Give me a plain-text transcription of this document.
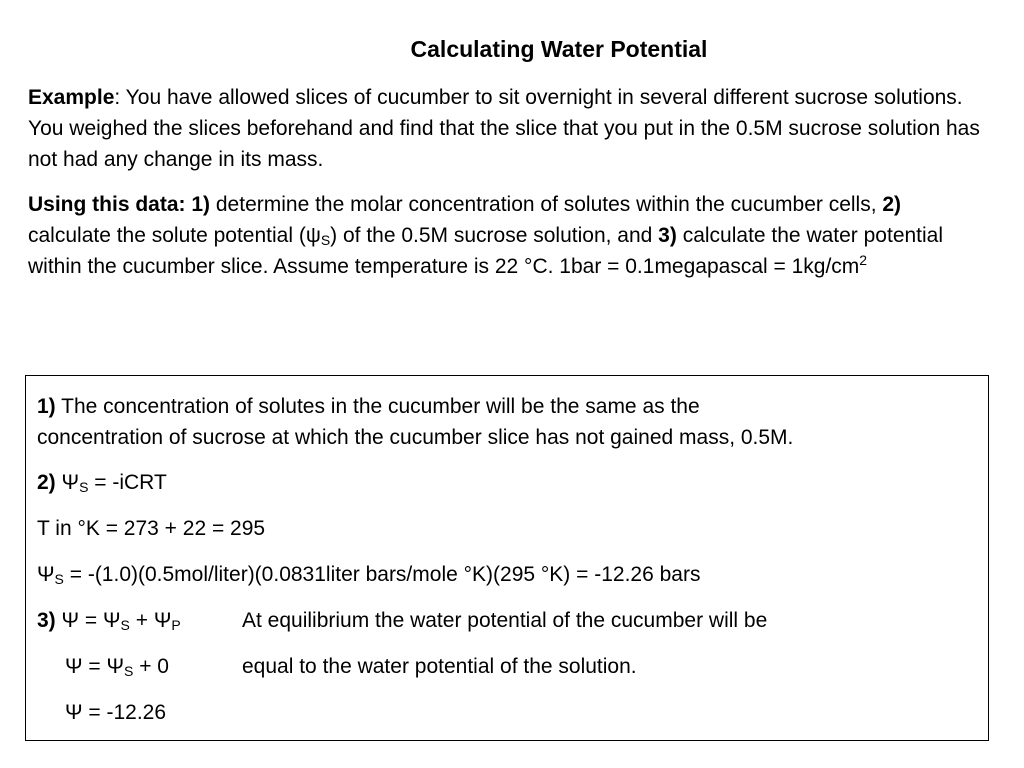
Calculating Water Potential

Example: You have allowed slices of cucumber to sit overnight in several different sucrose solutions. You weighed the slices beforehand and find that the slice that you put in the 0.5M sucrose solution has not had any change in its mass.

Using this data: 1) determine the molar concentration of solutes within the cucumber cells, 2) calculate the solute potential $(\psi_S)$ of the 0.5M sucrose solution, and 3) calculate the water potential within the cucumber slice. Assume temperature is 22 °C. 1bar = 0.1megapascal = $1kg/cm^2$

1) The concentration of solutes in the cucumber will be the same as the
concentration of sucrose at which the cucumber slice has not gained mass, 0.5M.
2) $\Psi_S$ = -iCRT
T in °K = 273 + 22 = 295
$\Psi_S$ = -(1.0)(0.5mol/liter)(0.0831liter bars/mole °K)(295 °K) = -12.26 bars
3) $\Psi = \Psi_S + \Psi_P$	At equilibrium the water potential of the cucumber will be
$\Psi = \Psi_S + 0$	equal to the water potential of the solution.
Ψ = -12.26
